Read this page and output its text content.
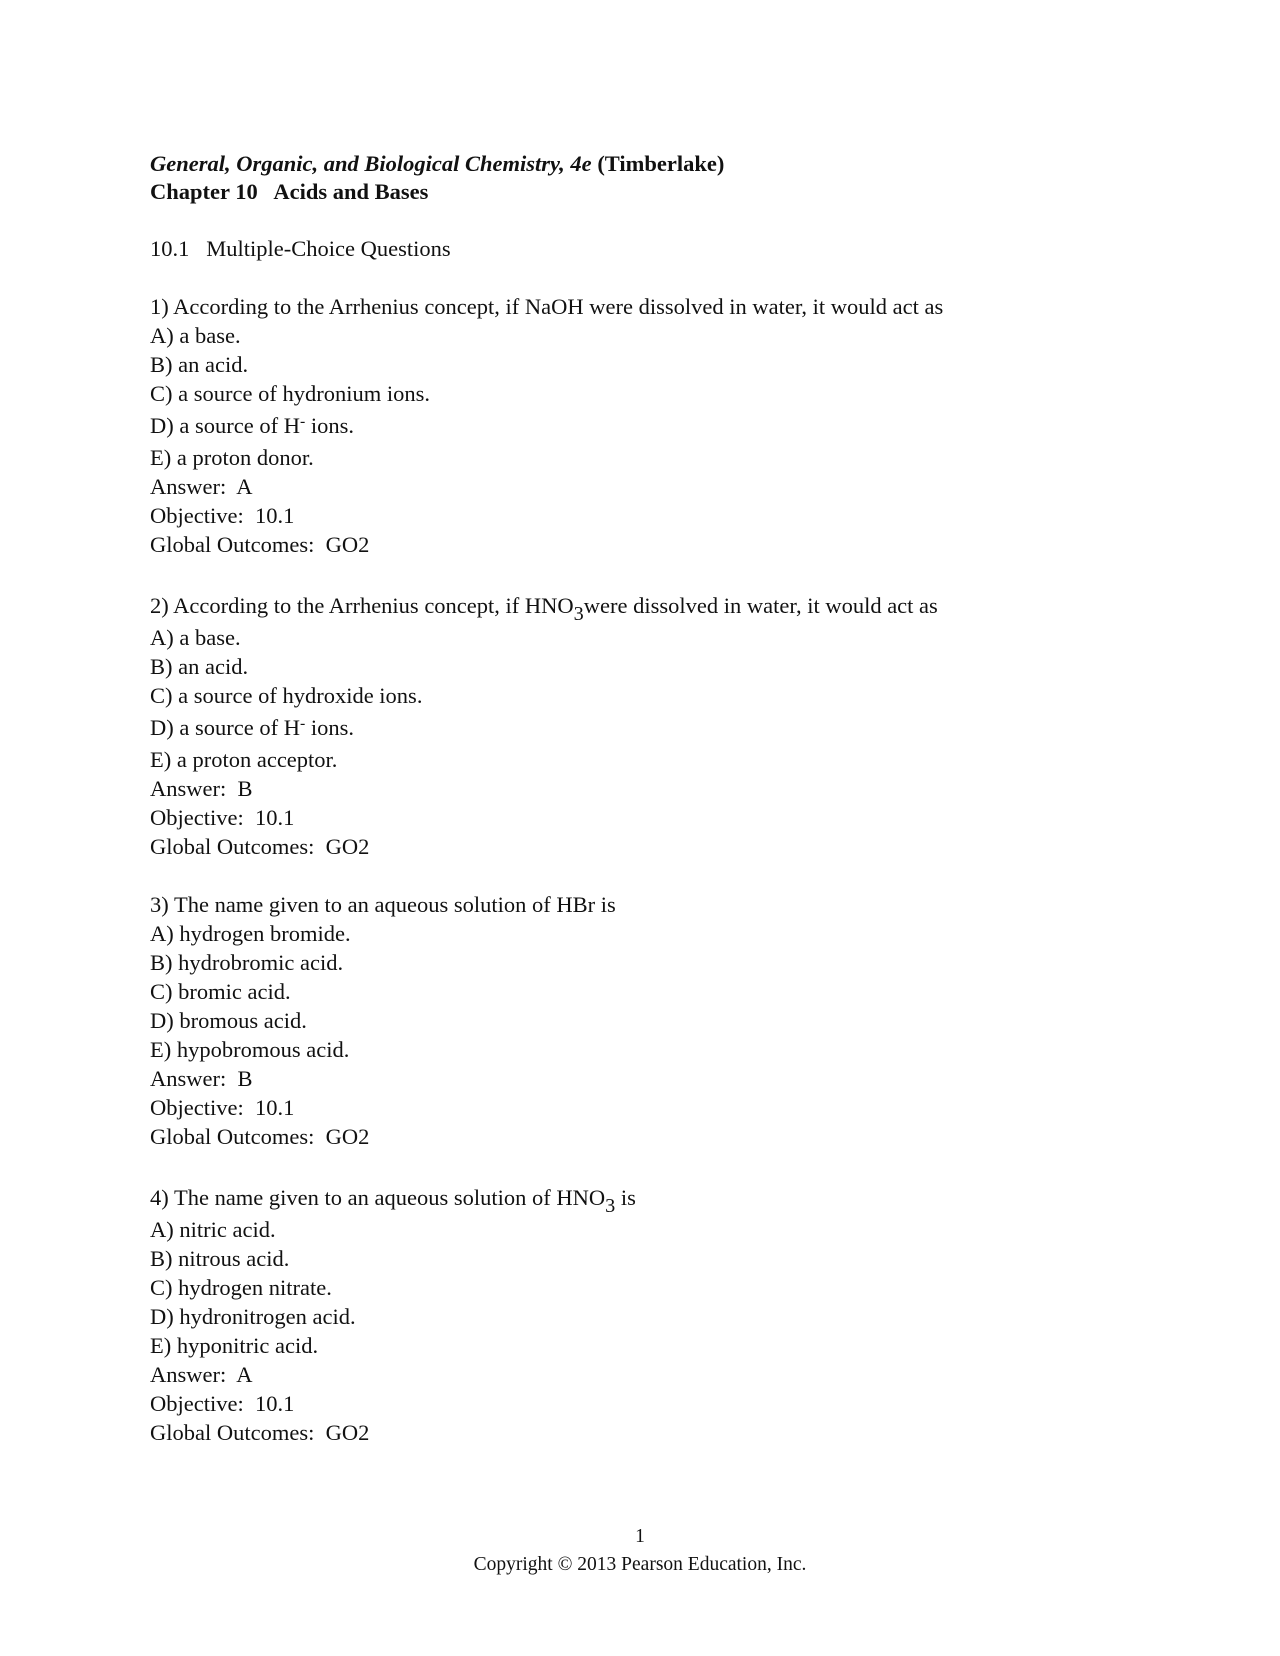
General, Organic, and Biological Chemistry, 4e (Timberlake)
Chapter 10   Acids and Bases
10.1   Multiple-Choice Questions
1) According to the Arrhenius concept, if NaOH were dissolved in water, it would act as
A) a base.
B) an acid.
C) a source of hydronium ions.
D) a source of H- ions.
E) a proton donor.
Answer:  A
Objective:  10.1
Global Outcomes:  GO2
2) According to the Arrhenius concept, if $HNO_3were$ dissolved in water, it would act as
A) a base.
B) an acid.
C) a source of hydroxide ions.
D) a source of H- ions.
E) a proton acceptor.
Answer:  B
Objective:  10.1
Global Outcomes:  GO2
3) The name given to an aqueous solution of HBr is
A) hydrogen bromide.
B) hydrobromic acid.
C) bromic acid.
D) bromous acid.
E) hypobromous acid.
Answer:  B
Objective:  10.1
Global Outcomes:  GO2
4) The name given to an aqueous solution of $HNO_3$ is
A) nitric acid.
B) nitrous acid.
C) hydrogen nitrate.
D) hydronitrogen acid.
E) hyponitric acid.
Answer:  A
Objective:  10.1
Global Outcomes:  GO2
1
Copyright © 2013 Pearson Education, Inc.
